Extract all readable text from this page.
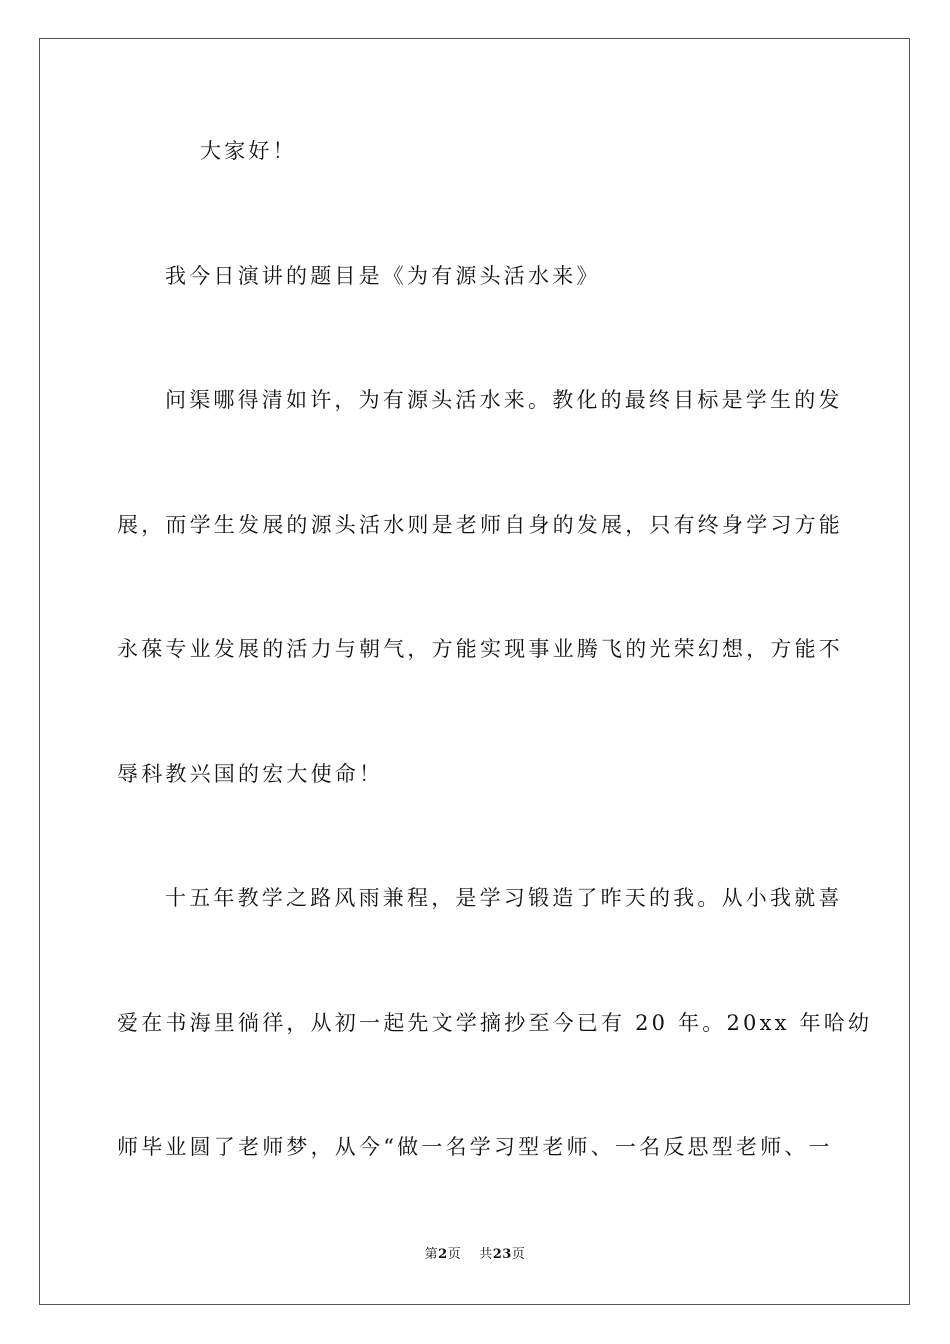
大家好！
我今日演讲的题目是《为有源头活水来》
问渠哪得清如许，为有源头活水来。教化的最终目标是学生的发
展，而学生发展的源头活水则是老师自身的发展，只有终身学习方能
永葆专业发展的活力与朝气，方能实现事业腾飞的光荣幻想，方能不
辱科教兴国的宏大使命！
十五年教学之路风雨兼程，是学习锻造了昨天的我。从小我就喜
爱在书海里徜徉，从初一起先文学摘抄至今已有 20 年。20xx 年哈幼
师毕业圆了老师梦，从今“做一名学习型老师、一名反思型老师、一
第2页 共23页
